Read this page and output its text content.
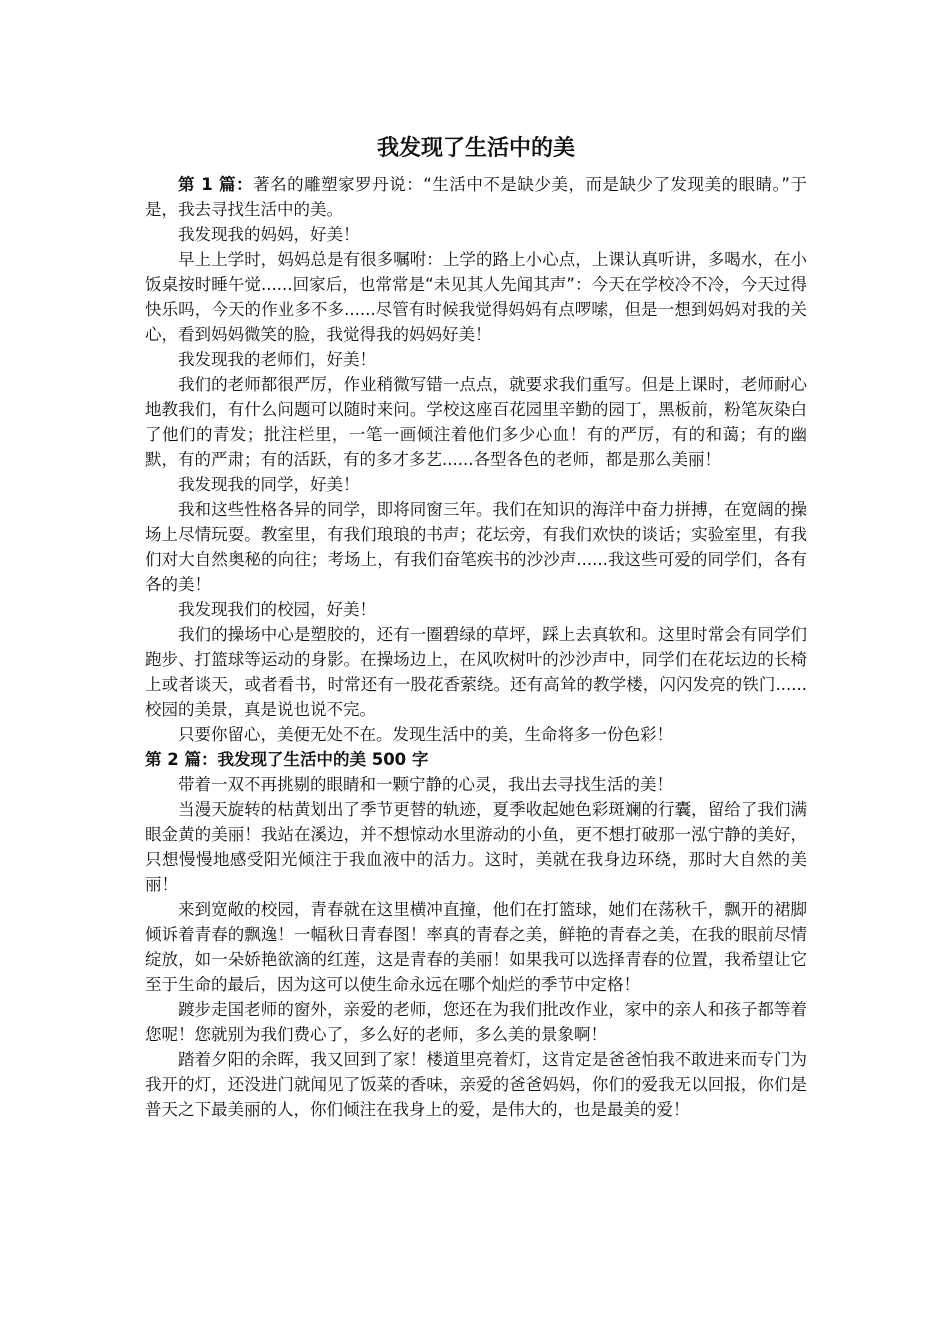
我发现了生活中的美

第 1 篇：著名的雕塑家罗丹说：“生活中不是缺少美，而是缺少了发现美的眼睛。”于是，我去寻找生活中的美。

我发现我的妈妈，好美！

早上上学时，妈妈总是有很多嘱咐：上学的路上小心点，上课认真听讲，多喝水，在小饭桌按时睡午觉......回家后，也常常是“未见其人先闻其声”：今天在学校冷不冷，今天过得快乐吗，今天的作业多不多......尽管有时候我觉得妈妈有点啰嗦，但是一想到妈妈对我的关心，看到妈妈微笑的脸，我觉得我的妈妈好美！

我发现我的老师们，好美！

我们的老师都很严厉，作业稍微写错一点点，就要求我们重写。但是上课时，老师耐心地教我们，有什么问题可以随时来问。学校这座百花园里辛勤的园丁，黑板前，粉笔灰染白了他们的青发；批注栏里，一笔一画倾注着他们多少心血！有的严厉，有的和蔼；有的幽默，有的严肃；有的活跃，有的多才多艺......各型各色的老师，都是那么美丽！

我发现我的同学，好美！

我和这些性格各异的同学，即将同窗三年。我们在知识的海洋中奋力拼搏，在宽阔的操场上尽情玩耍。教室里，有我们琅琅的书声；花坛旁，有我们欢快的谈话；实验室里，有我们对大自然奥秘的向往；考场上，有我们奋笔疾书的沙沙声......我这些可爱的同学们，各有各的美！

我发现我们的校园，好美！

我们的操场中心是塑胶的，还有一圈碧绿的草坪，踩上去真软和。这里时常会有同学们跑步、打篮球等运动的身影。在操场边上，在风吹树叶的沙沙声中，同学们在花坛边的长椅上或者谈天，或者看书，时常还有一股花香萦绕。还有高耸的教学楼，闪闪发亮的铁门......校园的美景，真是说也说不完。

只要你留心，美便无处不在。发现生活中的美，生命将多一份色彩！

第 2 篇：我发现了生活中的美 500 字

带着一双不再挑剔的眼睛和一颗宁静的心灵，我出去寻找生活的美！

当漫天旋转的枯黄划出了季节更替的轨迹，夏季收起她色彩斑斓的行囊，留给了我们满眼金黄的美丽！我站在溪边，并不想惊动水里游动的小鱼，更不想打破那一泓宁静的美好，只想慢慢地感受阳光倾注于我血液中的活力。这时，美就在我身边环绕，那时大自然的美丽！

来到宽敞的校园，青春就在这里横冲直撞，他们在打篮球，她们在荡秋千，飘开的裙脚倾诉着青春的飘逸！一幅秋日青春图！率真的青春之美，鲜艳的青春之美，在我的眼前尽情绽放，如一朵娇艳欲滴的红莲，这是青春的美丽！如果我可以选择青春的位置，我希望让它至于生命的最后，因为这可以使生命永远在哪个灿烂的季节中定格！

踱步走国老师的窗外，亲爱的老师，您还在为我们批改作业，家中的亲人和孩子都等着您呢！您就别为我们费心了，多么好的老师，多么美的景象啊！

踏着夕阳的余晖，我又回到了家！楼道里亮着灯，这肯定是爸爸怕我不敢进来而专门为我开的灯，还没进门就闻见了饭菜的香味，亲爱的爸爸妈妈，你们的爱我无以回报，你们是普天之下最美丽的人，你们倾注在我身上的爱，是伟大的，也是最美的爱！
